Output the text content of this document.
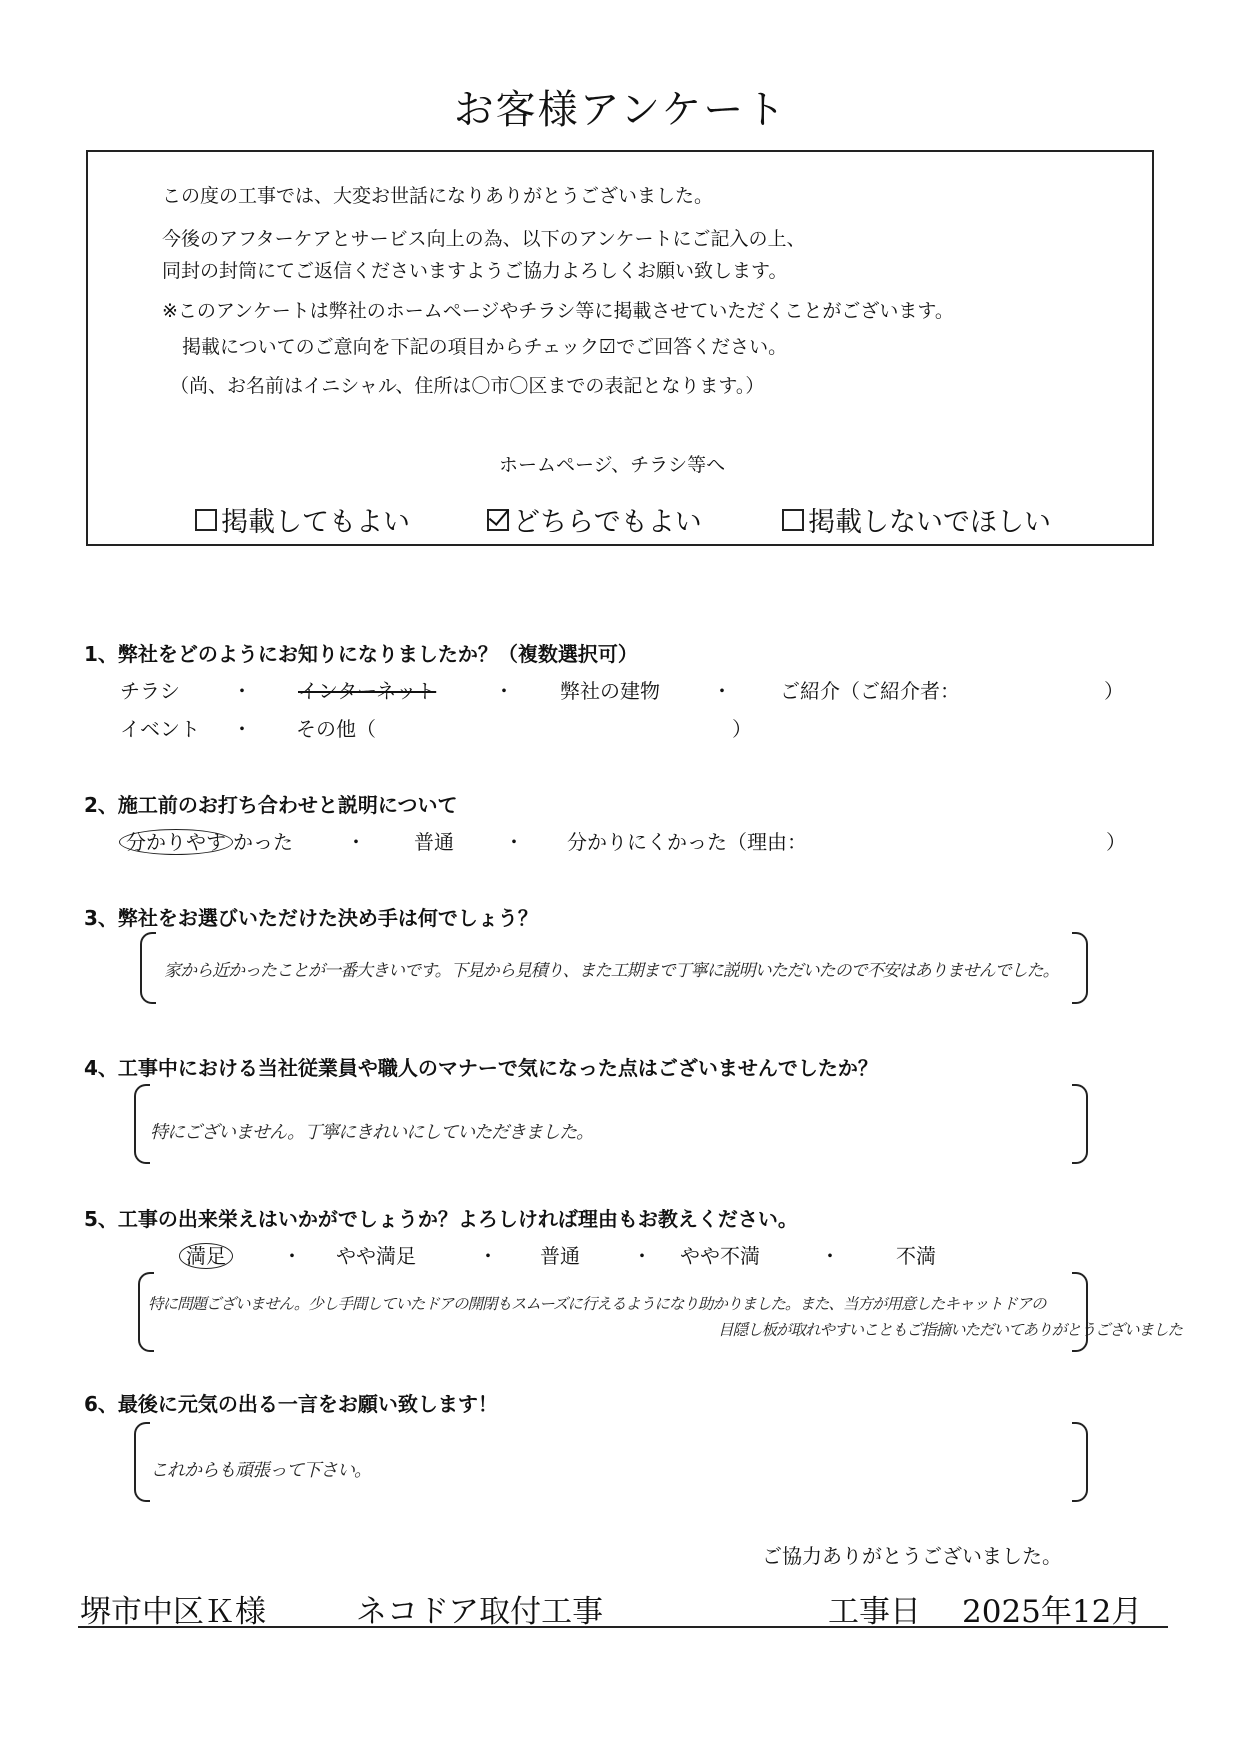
お客様アンケート
この度の工事では、大変お世話になりありがとうございました。
今後のアフターケアとサービス向上の為、以下のアンケートにご記入の上、
同封の封筒にてご返信くださいますようご協力よろしくお願い致します。
※このアンケートは弊社のホームページやチラシ等に掲載させていただくことがございます。
掲載についてのご意向を下記の項目からチェック☑でご回答ください。
（尚、お名前はイニシャル、住所は〇市〇区までの表記となります。）
ホームページ、チラシ等へ
掲載してもよい	どちらでもよい	掲載しないでほしい
1、弊社をどのようにお知りになりましたか？（複数選択可）
チラシ	・ インターネット	・ 弊社の建物	・ ご紹介（ご紹介者：	）
イベント ・ その他（	）
2、施工前のお打ち合わせと説明について
分かりやす かった	・ 普通	・ 分かりにくかった（理由：	）
3、弊社をお選びいただけた決め手は何でしょう？
家から近かったことが一番大きいです。下見から見積り、また工期まで丁寧に説明いただいたので不安はありませんでした。
4、工事中における当社従業員や職人のマナーで気になった点はございませんでしたか？
特にございません。丁寧にきれいにしていただきました。
5、工事の出来栄えはいかがでしょうか？よろしければ理由もお教えください。
満足	・ やや満足	・ 普通	・ やや不満	・	不満
特に問題ございません。少し手間していたドアの開閉もスムーズに行えるようになり助かりました。また、当方が用意したキャットドアの
目隠し板が取れやすいこともご指摘いただいてありがとうございました
6、最後に元気の出る一言をお願い致します！
これからも頑張って下さい。
ご協力ありがとうございました。
堺市中区Ｋ様	ネコドア取付工事	工事日 2025年12月
